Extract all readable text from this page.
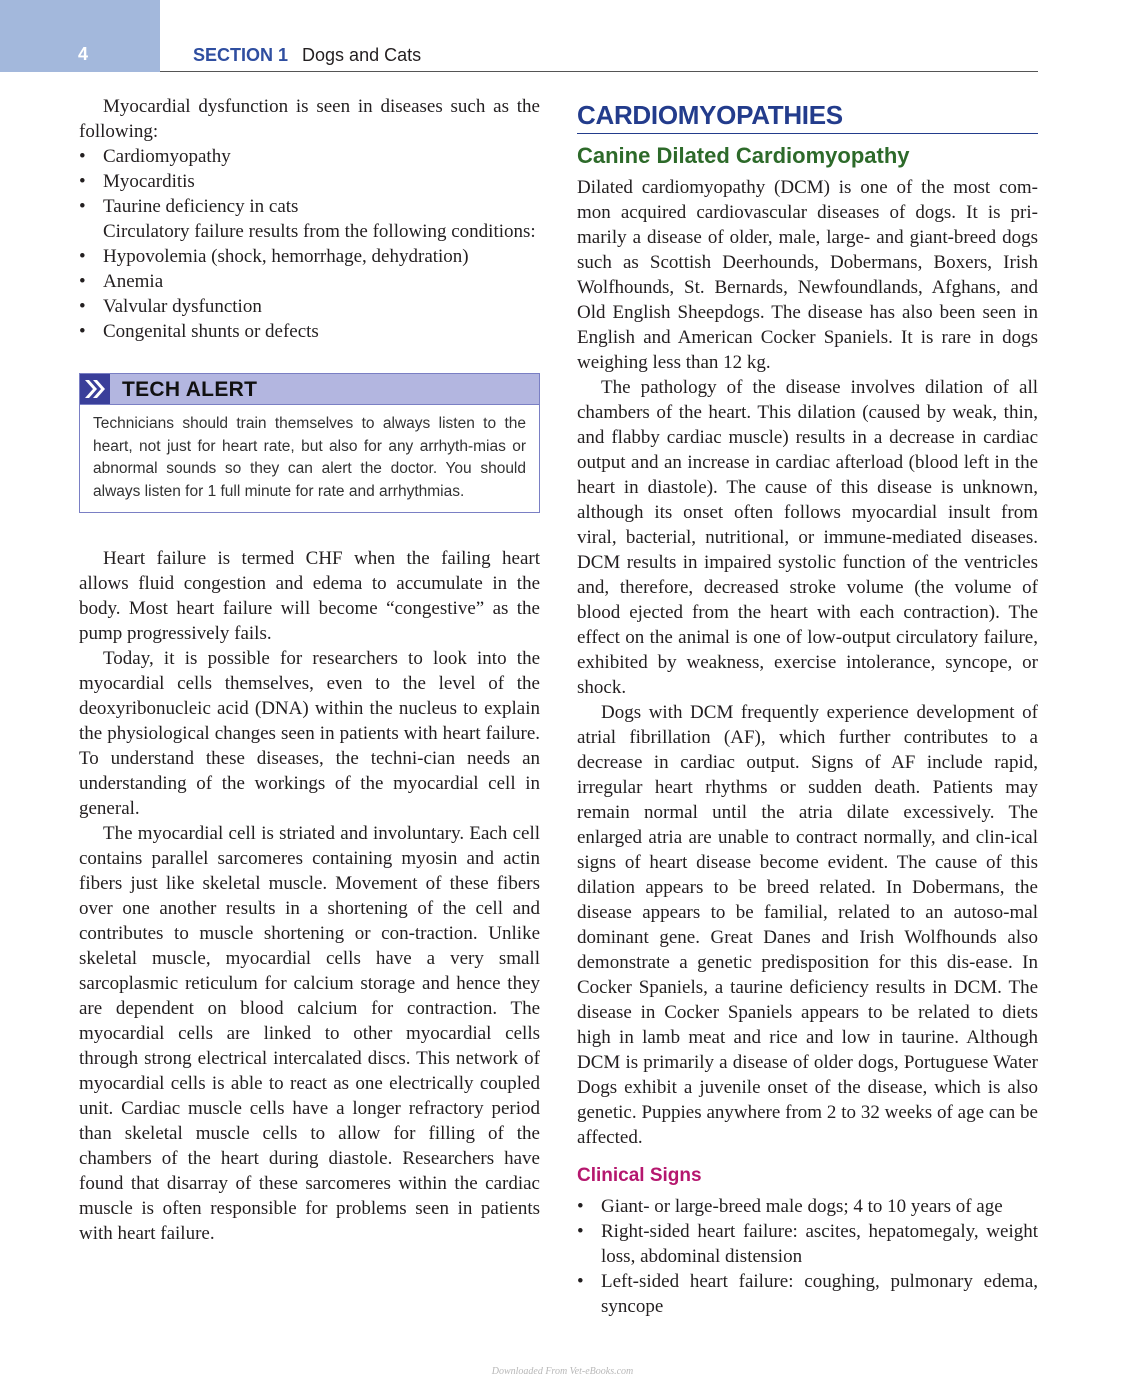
4	SECTION 1 Dogs and Cats

Myocardial dysfunction is seen in diseases such as the following:

• Cardiomyopathy
• Myocarditis
• Taurine deficiency in cats

Circulatory failure results from the following conditions:

• Hypovolemia (shock, hemorrhage, dehydration)
• Anemia
• Valvular dysfunction
• Congenital shunts or defects
TECH ALERT
Technicians should train themselves to always listen to the heart, not just for heart rate, but also for any arrhyth-mias or abnormal sounds so they can alert the doctor. You should always listen for 1 full minute for rate and arrhythmias.

Heart failure is termed CHF when the failing heart allows fluid congestion and edema to accumulate in the body. Most heart failure will become “congestive” as the pump progressively fails.

Today, it is possible for researchers to look into the myocardial cells themselves, even to the level of the deoxyribonucleic acid (DNA) within the nucleus to explain the physiological changes seen in patients with heart failure. To understand these diseases, the techni-cian needs an understanding of the workings of the myocardial cell in general.

The myocardial cell is striated and involuntary. Each cell contains parallel sarcomeres containing myosin and actin fibers just like skeletal muscle. Movement of these fibers over one another results in a shortening of the cell and contributes to muscle shortening or con-traction. Unlike skeletal muscle, myocardial cells have a very small sarcoplasmic reticulum for calcium storage and hence they are dependent on blood calcium for contraction. The myocardial cells are linked to other myocardial cells through strong electrical intercalated discs. This network of myocardial cells is able to react as one electrically coupled unit. Cardiac muscle cells have a longer refractory period than skeletal muscle cells to allow for filling of the chambers of the heart during diastole. Researchers have found that disarray of these sarcomeres within the cardiac muscle is often responsible for problems seen in patients with heart failure.

CARDIOMYOPATHIES
Canine Dilated Cardiomyopathy

Dilated cardiomyopathy (DCM) is one of the most com-mon acquired cardiovascular diseases of dogs. It is pri-marily a disease of older, male, large- and giant-breed dogs such as Scottish Deerhounds, Dobermans, Boxers, Irish Wolfhounds, St. Bernards, Newfoundlands, Afghans, and Old English Sheepdogs. The disease has also been seen in English and American Cocker Spaniels. It is rare in dogs weighing less than 12 kg.

The pathology of the disease involves dilation of all chambers of the heart. This dilation (caused by weak, thin, and flabby cardiac muscle) results in a decrease in cardiac output and an increase in cardiac afterload (blood left in the heart in diastole). The cause of this disease is unknown, although its onset often follows myocardial insult from viral, bacterial, nutritional, or immune-mediated diseases. DCM results in impaired systolic function of the ventricles and, therefore, decreased stroke volume (the volume of blood ejected from the heart with each contraction). The effect on the animal is one of low-output circulatory failure, exhibited by weakness, exercise intolerance, syncope, or shock.

Dogs with DCM frequently experience development of atrial fibrillation (AF), which further contributes to a decrease in cardiac output. Signs of AF include rapid, irregular heart rhythms or sudden death. Patients may remain normal until the atria dilate excessively. The enlarged atria are unable to contract normally, and clin-ical signs of heart disease become evident. The cause of this dilation appears to be breed related. In Dobermans, the disease appears to be familial, related to an autoso-mal dominant gene. Great Danes and Irish Wolfhounds also demonstrate a genetic predisposition for this dis-ease. In Cocker Spaniels, a taurine deficiency results in DCM. The disease in Cocker Spaniels appears to be related to diets high in lamb meat and rice and low in taurine. Although DCM is primarily a disease of older dogs, Portuguese Water Dogs exhibit a juvenile onset of the disease, which is also genetic. Puppies anywhere from 2 to 32 weeks of age can be affected.

Clinical Signs
• Giant- or large-breed male dogs; 4 to 10 years of age
• Right-sided heart failure: ascites, hepatomegaly, weight loss, abdominal distension
• Left-sided heart failure: coughing, pulmonary edema, syncope
Downloaded From Vet-eBooks.com
